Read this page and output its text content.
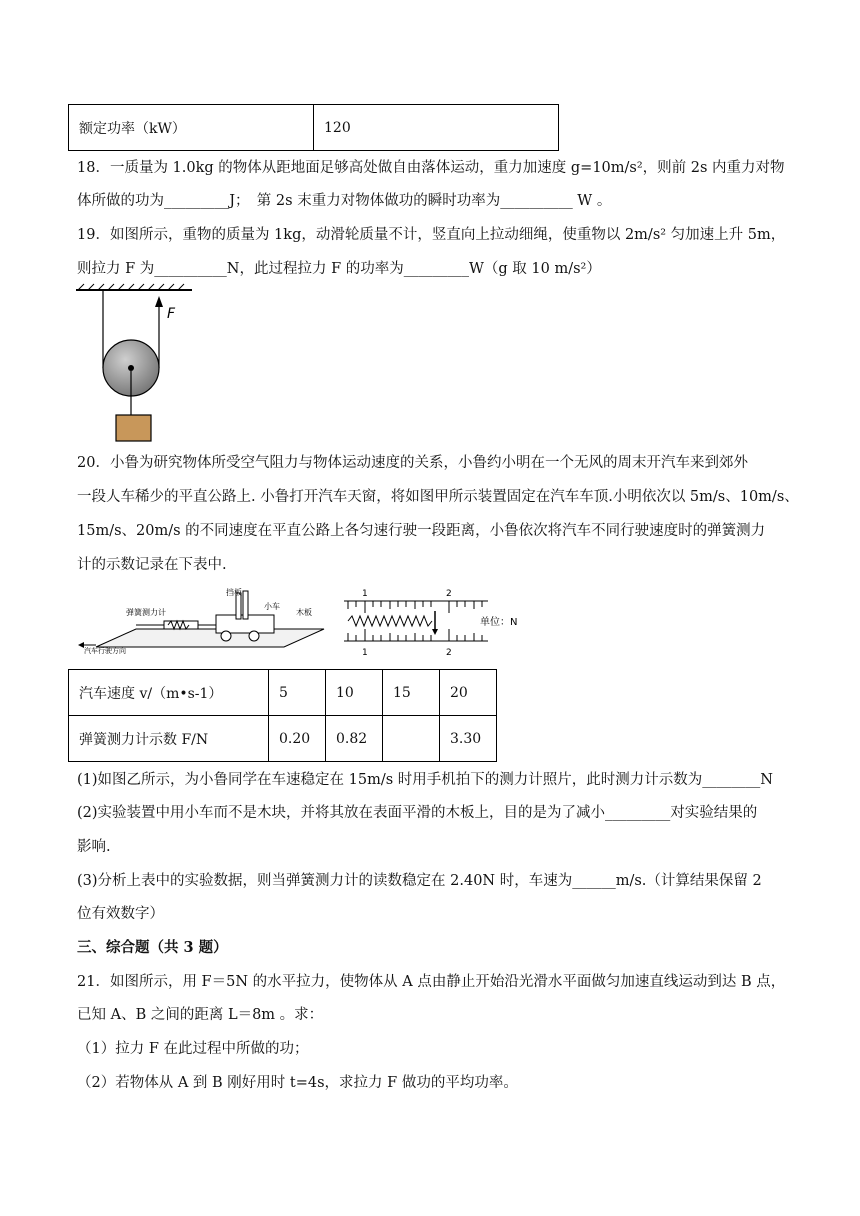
额定功率（kW）	120
18．一质量为 1.0kg 的物体从距地面足够高处做自由落体运动，重力加速度 g=10m/s²，则前 2s 内重力对物
体所做的功为_________J；　第 2s 末重力对物体做功的瞬时功率为__________ W 。
19．如图所示，重物的质量为 1kg，动滑轮质量不计，竖直向上拉动细绳，使重物以 2m/s² 匀加速上升 5m，
则拉力 F 为__________N，此过程拉力 F 的功率为_________W（g 取 10 m/s²）
F
20．小鲁为研究物体所受空气阻力与物体运动速度的关系，小鲁约小明在一个无风的周末开汽车来到郊外
一段人车稀少的平直公路上. 小鲁打开汽车天窗，将如图甲所示装置固定在汽车车顶.小明依次以 5m/s、10m/s、
15m/s、20m/s 的不同速度在平直公路上各匀速行驶一段距离，小鲁依次将汽车不同行驶速度时的弹簧测力
计的示数记录在下表中.
挡板
弹簧测力计
小车
木板
汽车行驶方向
1	2
1	2
单位：N
汽车速度 v/（m•s-1）	5	10	15	20
弹簧测力计示数 F/N	0.20	0.82		3.30
(1)如图乙所示，为小鲁同学在车速稳定在 15m/s 时用手机拍下的测力计照片，此时测力计示数为________N
(2)实验装置中用小车而不是木块，并将其放在表面平滑的木板上，目的是为了减小_________对实验结果的
影响.
(3)分析上表中的实验数据，则当弹簧测力计的读数稳定在 2.40N 时，车速为______m/s.（计算结果保留 2
位有效数字）
三、综合题（共 3 题）
21．如图所示，用 F＝5N 的水平拉力，使物体从 A 点由静止开始沿光滑水平面做匀加速直线运动到达 B 点，
已知 A、B 之间的距离 L＝8m 。求：
（1）拉力 F 在此过程中所做的功；
（2）若物体从 A 到 B 刚好用时 t=4s，求拉力 F 做功的平均功率。
